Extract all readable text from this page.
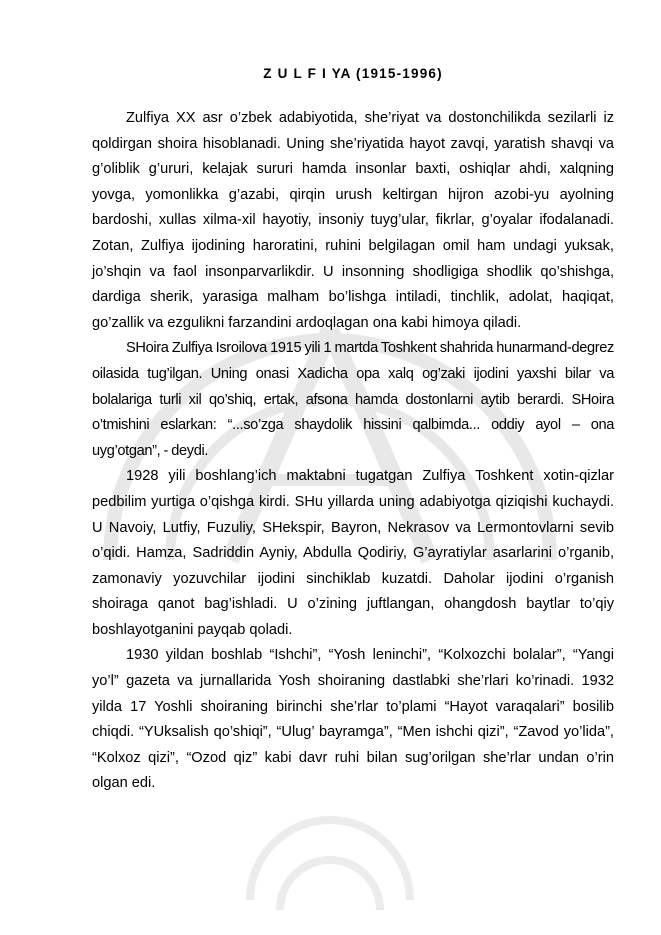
Z U L F I YA (1915-1996)

Zulfiya XX asr o’zbek adabiyotida, she’riyat va dostonchilikda sezilarli iz qoldirgan shoira hisoblanadi. Uning she’riyatida hayot zavqi, yaratish shavqi va g’oliblik g’ururi, kelajak sururi hamda insonlar baxti, oshiqlar ahdi, xalqning yovga, yomonlikka g’azabi, qirqin urush keltirgan hijron azobi-yu ayolning bardoshi, xullas xilma-xil hayotiy, insoniy tuyg’ular, fikrlar, g’oyalar ifodalanadi. Zotan, Zulfiya ijodining haroratini, ruhini belgilagan omil ham undagi yuksak, jo’shqin va faol insonparvarlikdir. U insonning shodligiga shodlik qo’shishga, dardiga sherik, yarasiga malham bo’lishga intiladi, tinchlik, adolat, haqiqat, go’zallik va ezgulikni farzandini ardoqlagan ona kabi himoya qiladi.

SHoira Zulfiya Isroilova 1915 yili 1 martda Toshkent shahrida hunarmand-degrez oilasida tug’ilgan. Uning onasi Xadicha opa xalq og’zaki ijodini yaxshi bilar va bolalariga turli xil qo’shiq, ertak, afsona hamda dostonlarni aytib berardi. SHoira o’tmishini eslarkan: “...so’zga shaydolik hissini qalbimda... oddiy ayol – ona uyg’otgan”, - deydi.

1928 yili boshlang’ich maktabni tugatgan Zulfiya Toshkent xotin-qizlar pedbilim yurtiga o’qishga kirdi. SHu yillarda uning adabiyotga qiziqishi kuchaydi. U Navoiy, Lutfiy, Fuzuliy, SHekspir, Bayron, Nekrasov va Lermontovlarni sevib o’qidi. Hamza, Sadriddin Ayniy, Abdulla Qodiriy, G’ayratiylar asarlarini o’rganib, zamonaviy yozuvchilar ijodini sinchiklab kuzatdi. Daholar ijodini o’rganish shoiraga qanot bag’ishladi. U o’zining juftlangan, ohangdosh baytlar to’qiy boshlayotganini payqab qoladi.

1930 yildan boshlab “Ishchi”, “Yosh leninchi”, “Kolxozchi bolalar”, “Yangi yo’l” gazeta va jurnallarida Yosh shoiraning dastlabki she’rlari ko’rinadi. 1932 yilda 17 Yoshli shoiraning birinchi she’rlar to’plami “Hayot varaqalari” bosilib chiqdi. “YUksalish qo’shiqi”, “Ulug’ bayramga”, “Men ishchi qizi”, “Zavod yo’lida”, “Kolxoz qizi”, “Ozod qiz” kabi davr ruhi bilan sug’orilgan she’rlar undan o’rin olgan edi.
